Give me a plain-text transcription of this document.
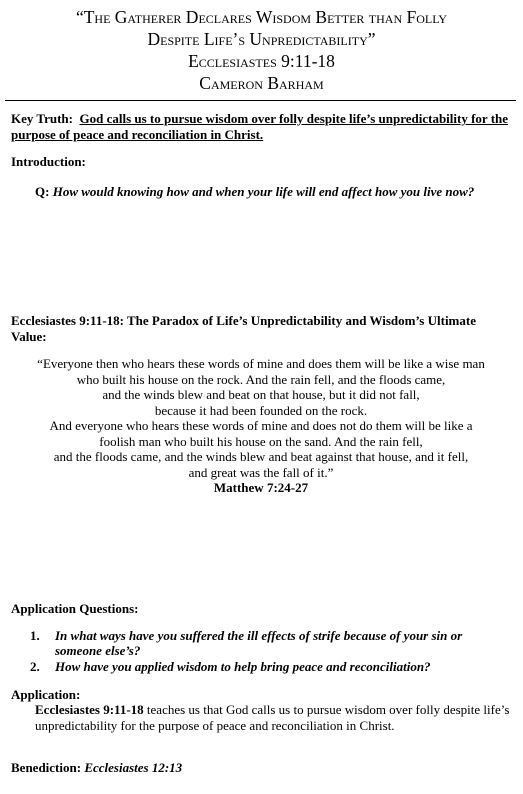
“The Gatherer Declares Wisdom Better than Folly
Despite Life’s Unpredictability”
Ecclesiastes 9:11-18
Cameron Barham
Key Truth: God calls us to pursue wisdom over folly despite life’s unpredictability for the purpose of peace and reconciliation in Christ.
Introduction:
Q: How would knowing how and when your life will end affect how you live now?
Ecclesiastes 9:11-18: The Paradox of Life’s Unpredictability and Wisdom’s Ultimate Value:
“Everyone then who hears these words of mine and does them will be like a wise man
who built his house on the rock. And the rain fell, and the floods came,
and the winds blew and beat on that house, but it did not fall,
because it had been founded on the rock.
And everyone who hears these words of mine and does not do them will be like a
foolish man who built his house on the sand. And the rain fell,
and the floods came, and the winds blew and beat against that house, and it fell,
and great was the fall of it.”
Matthew 7:24-27
Application Questions:
1. In what ways have you suffered the ill effects of strife because of your sin or someone else’s?
2. How have you applied wisdom to help bring peace and reconciliation?
Application:
Ecclesiastes 9:11-18 teaches us that God calls us to pursue wisdom over folly despite life’s unpredictability for the purpose of peace and reconciliation in Christ.
Benediction: Ecclesiastes 12:13
